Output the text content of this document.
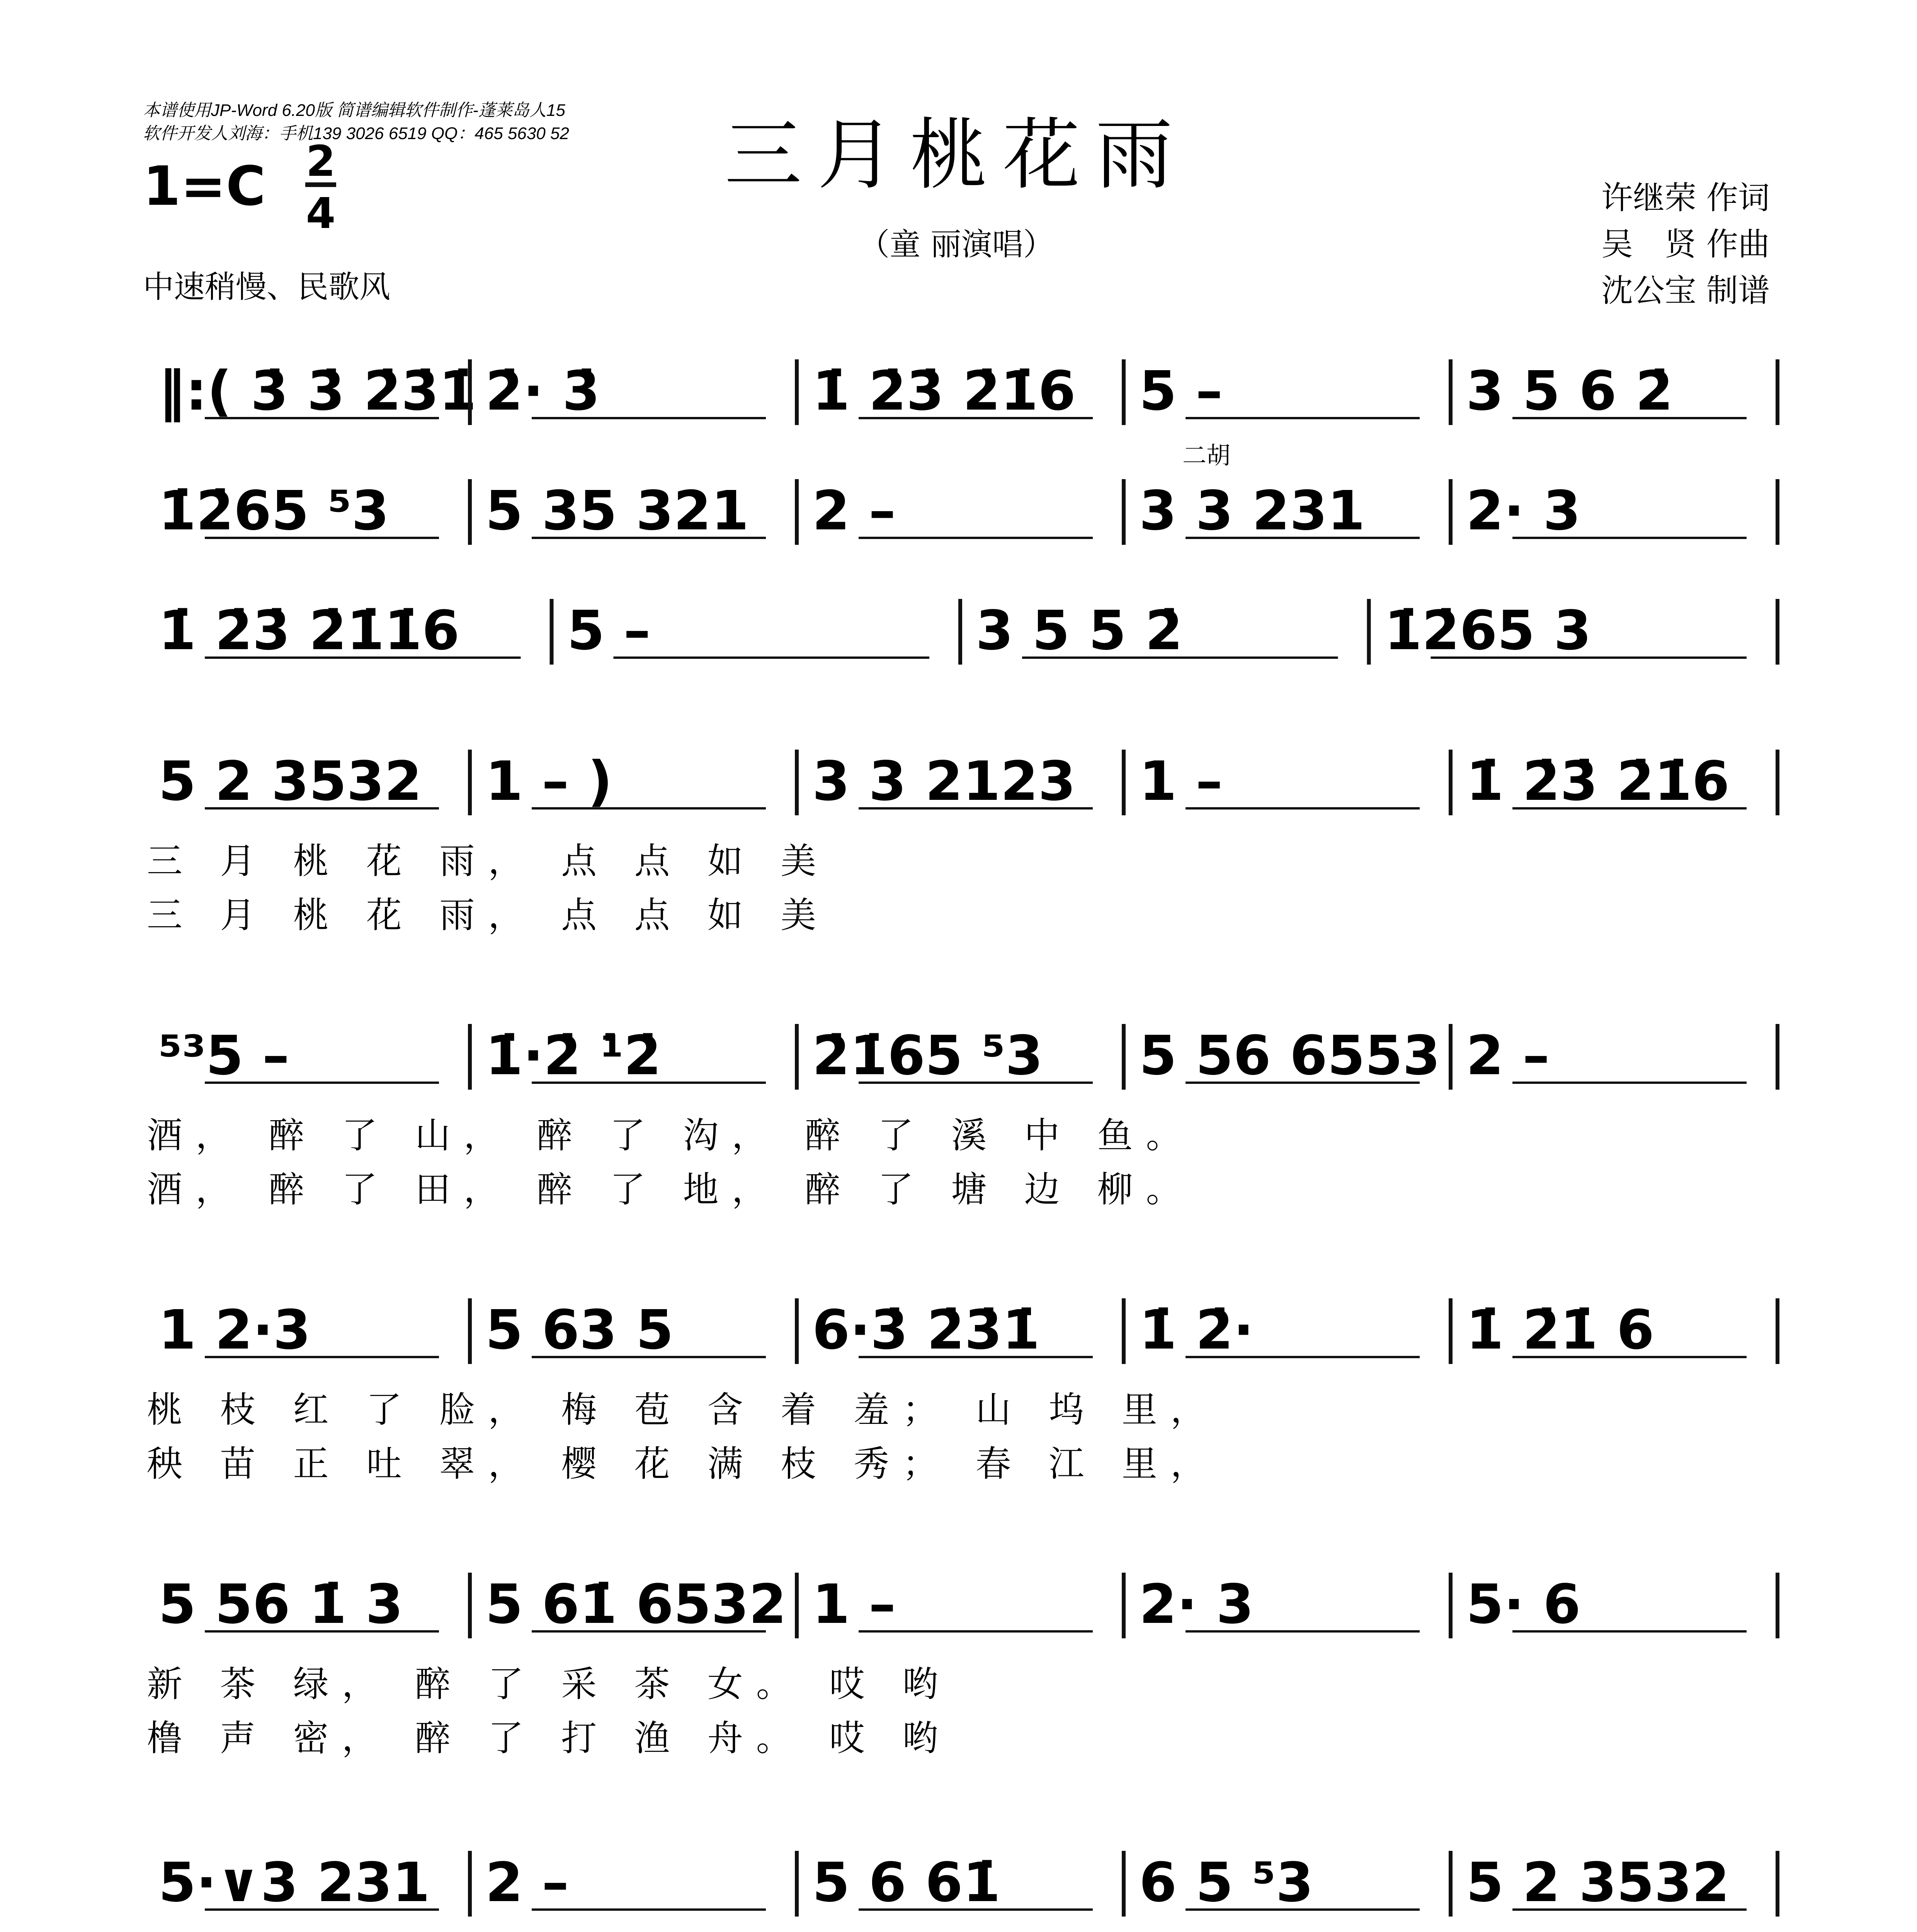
本谱使用JP-Word 6.20版 简谱编辑软件制作-蓬莱岛人15
软件开发人刘海：手机139 3026 6519 QQ：465 5630 52
1=C 2
4
三月桃花雨
（童 丽演唱）
中速稍慢、民歌风
许继荣 作词
吴　贤 作曲
沈公宝 制谱
二胡
‖:( 3̇ 3̇ 2̇3̇1̇ 2̇· 3̇	1̇ 2̇3̇ 2̇1̇6 5 –	3 5 6 2̇
1̇2̇65 ⁵3 5 35 321 2 –	3 3 231 2· 3
1̇ 2̇3̇ 2̇1̇1̇6 5 –	3 5 5 2̇	1̇2̇65 3
5 2 3532 1 – )	3 3 2123 1 –	1̇ 2̇3̇ 2̇1̇6
三 月 桃 花 雨， 点 点 如 美
三 月 桃 花 雨， 点 点 如 美
⁵³5 –	1̇·2̇ ¹̇2̇	2̇1̇65 ⁵3 5 56 6553 2 –
酒， 醉 了 山， 醉 了 沟， 醉 了 溪 中 鱼。
酒， 醉 了 田， 醉 了 地， 醉 了 塘 边 柳。
1 2·3	5 63 5	6·3̇ 2̇3̇1̇ 1̇ 2̇·	1̇ 2̇1̇ 6
桃 枝 红 了 脸， 梅 苞 含 着 羞； 山 坞 里，
秧 苗 正 吐 翠， 樱 花 满 枝 秀； 春 江 里，
5 56 1̇ 3 5 61̇ 6532 1 –	2· 3	5· 6
新 茶 绿， 醉 了 采 茶 女。 哎 哟
橹 声 密， 醉 了 打 渔 舟。 哎 哟
5·∨3 231 2 –	5 6 61̇	6 5 ⁵3	5 2 3532
